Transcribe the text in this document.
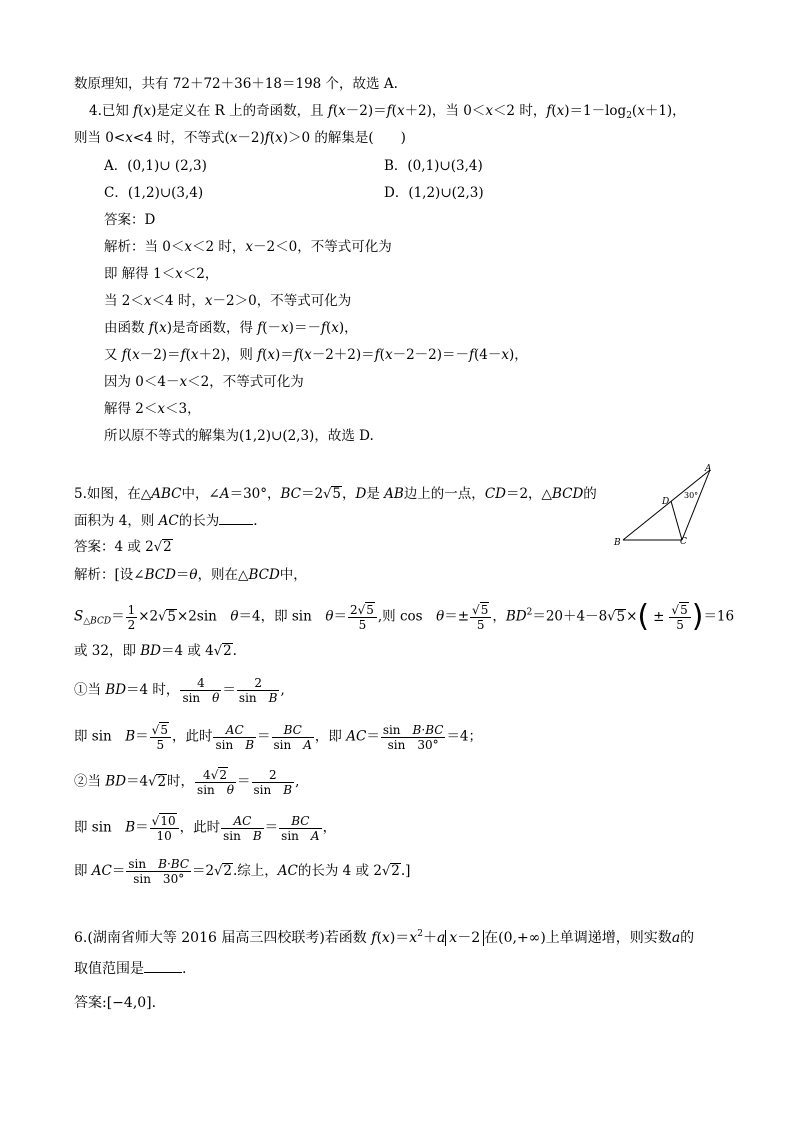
数原理知，共有 72＋72＋36＋18＝198 个，故选 A.
4.已知 f(x)是定义在 R 上的奇函数，且 f(x－2)＝f(x＋2)，当 0＜x＜2 时，$f(x)=1-\log_2(x+1)$，
则当 0<x<4 时，不等式(x－2)f(x)＞0 的解集是(　　)
A．(0,1)∪ (2,3)	B．(0,1)∪(3,4)
C．(1,2)∪(3,4)	D．(1,2)∪(2,3)
答案：D
解析：当 0＜x＜2 时，x－2＜0，不等式可化为
即 解得 1＜x＜2，
当 2＜x＜4 时，x－2＞0，不等式可化为
由函数 f(x)是奇函数，得 f(－x)＝－f(x)，
又 f(x－2)＝f(x＋2)，则 f(x)＝f(x－2＋2)＝f(x－2－2)＝－f(4－x)，
因为 0＜4－x＜2，不等式可化为
解得 2＜x＜3，
所以原不等式的解集为(1,2)∪(2,3)，故选 D.
5.如图，在△ABC中，∠A＝30°，BC＝2√5，D是 AB边上的一点，CD＝2，△BCD的
面积为 4，则 AC的长为	.
A
B	C
D
30°
答案：4 或 2√2
解析：[设∠BCD＝θ，则在△BCD中，
$S_{\triangle BCD}= \frac{1}{2} \times 2√5\times 2\sin$　θ＝4，即 sin　$\theta= \frac{2√5}{5}$ ,则 cos　$\theta=\pm \frac{√5}{5}$ ，$BD^2=20+4-8√5\times( \pm \frac{√5}{5} )=16$
或 32，即 BD＝4 或 4√2.
①当 BD＝4 时， $\frac{4}{\text{sin　θ}} = \frac{2}{\text{sin　B}}$ ,
即 sin　$B= \frac{√5}{5}$ ，此时 $\frac{AC}{\text{sin　B}} = \frac{BC}{\text{sin　A}}$ ，即 $AC= \frac{\text{sin　B·BC}}{\sin 30^\circ} =4$；
②当 BD＝4√2时， $\frac{4√2}{\text{sin　θ}} = \frac{2}{\text{sin　B}}$ ,
即 sin　$B= \frac{√10}{10}$ ，此时 $\frac{AC}{\text{sin　B}} = \frac{BC}{\text{sin　A}}$ ，
即 $AC= \frac{\text{sin　B·BC}}{\sin 30^\circ} =2√2$.综上，AC的长为 4 或 2√2.]
6.(湖南省师大等 2016 届高三四校联考)若函数 $f(x)=x^2+a$ x－2 在(0,+∞)上单调递增，则实数a的
取值范围是	.
答案:[−4,0].
